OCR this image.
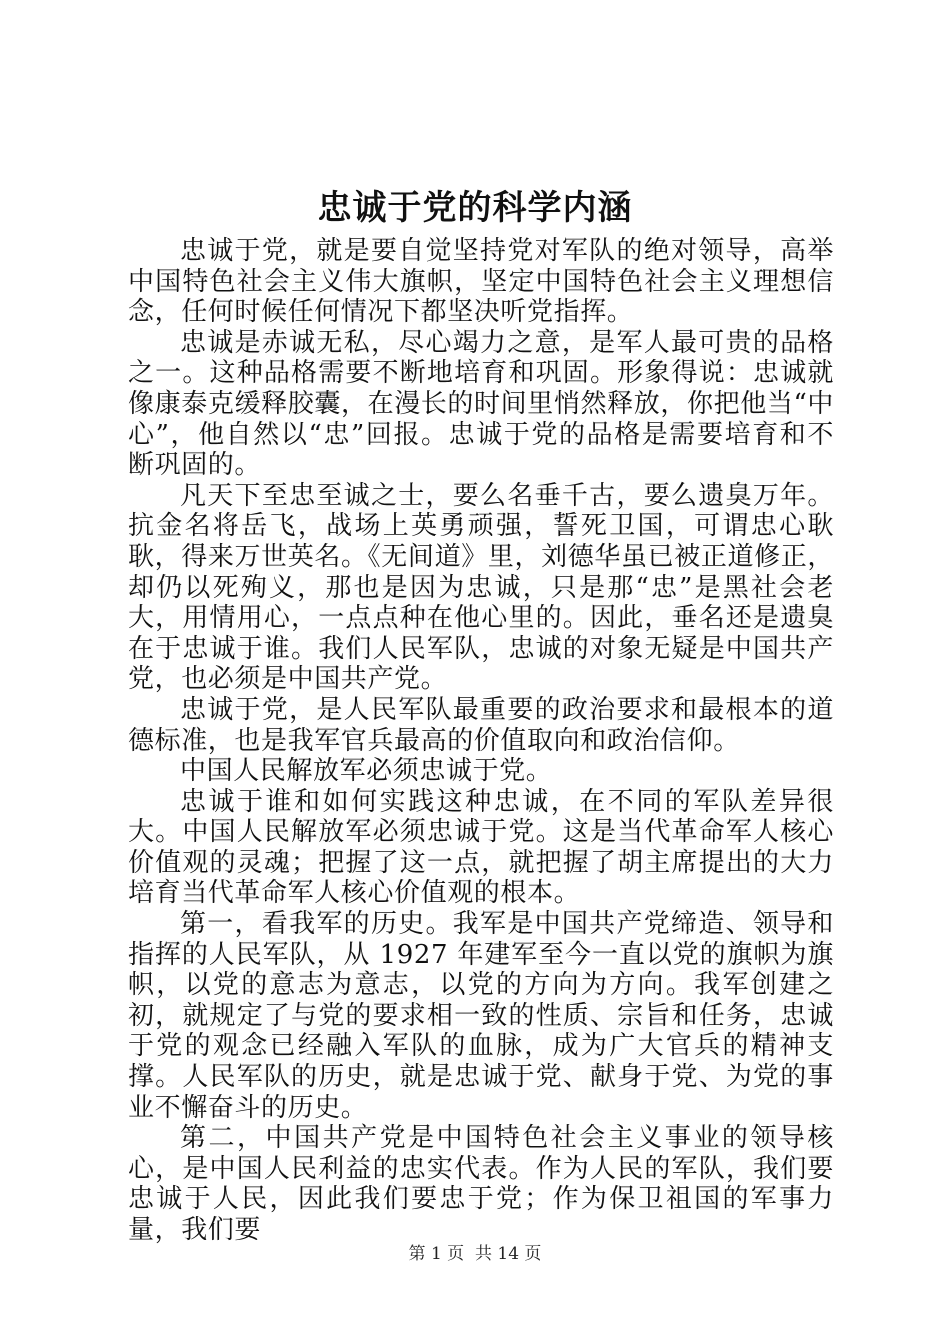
忠诚于党的科学内涵

忠诚于党，就是要自觉坚持党对军队的绝对领导，高举中国特色社会主义伟大旗帜，坚定中国特色社会主义理想信念，任何时候任何情况下都坚决听党指挥。

忠诚是赤诚无私，尽心竭力之意，是军人最可贵的品格之一。这种品格需要不断地培育和巩固。形象得说：忠诚就像康泰克缓释胶囊，在漫长的时间里悄然释放，你把他当“中心”，他自然以“忠”回报。忠诚于党的品格是需要培育和不断巩固的。

凡天下至忠至诚之士，要么名垂千古，要么遗臭万年。抗金名将岳飞，战场上英勇顽强，誓死卫国，可谓忠心耿耿，得来万世英名。《无间道》里，刘德华虽已被正道修正，却仍以死殉义，那也是因为忠诚，只是那“忠”是黑社会老大，用情用心，一点点种在他心里的。因此，垂名还是遗臭在于忠诚于谁。我们人民军队，忠诚的对象无疑是中国共产党，也必须是中国共产党。

忠诚于党，是人民军队最重要的政治要求和最根本的道德标准，也是我军官兵最高的价值取向和政治信仰。

中国人民解放军必须忠诚于党。

忠诚于谁和如何实践这种忠诚，在不同的军队差异很大。中国人民解放军必须忠诚于党。这是当代革命军人核心价值观的灵魂；把握了这一点，就把握了胡主席提出的大力培育当代革命军人核心价值观的根本。

第一，看我军的历史。我军是中国共产党缔造、领导和指挥的人民军队，从 1927 年建军至今一直以党的旗帜为旗帜，以党的意志为意志，以党的方向为方向。我军创建之初，就规定了与党的要求相一致的性质、宗旨和任务，忠诚于党的观念已经融入军队的血脉，成为广大官兵的精神支撑。人民军队的历史，就是忠诚于党、献身于党、为党的事业不懈奋斗的历史。

第二，中国共产党是中国特色社会主义事业的领导核心，是中国人民利益的忠实代表。作为人民的军队，我们要忠诚于人民，因此我们要忠于党；作为保卫祖国的军事力量，我们要

第 1 页 共 14 页
